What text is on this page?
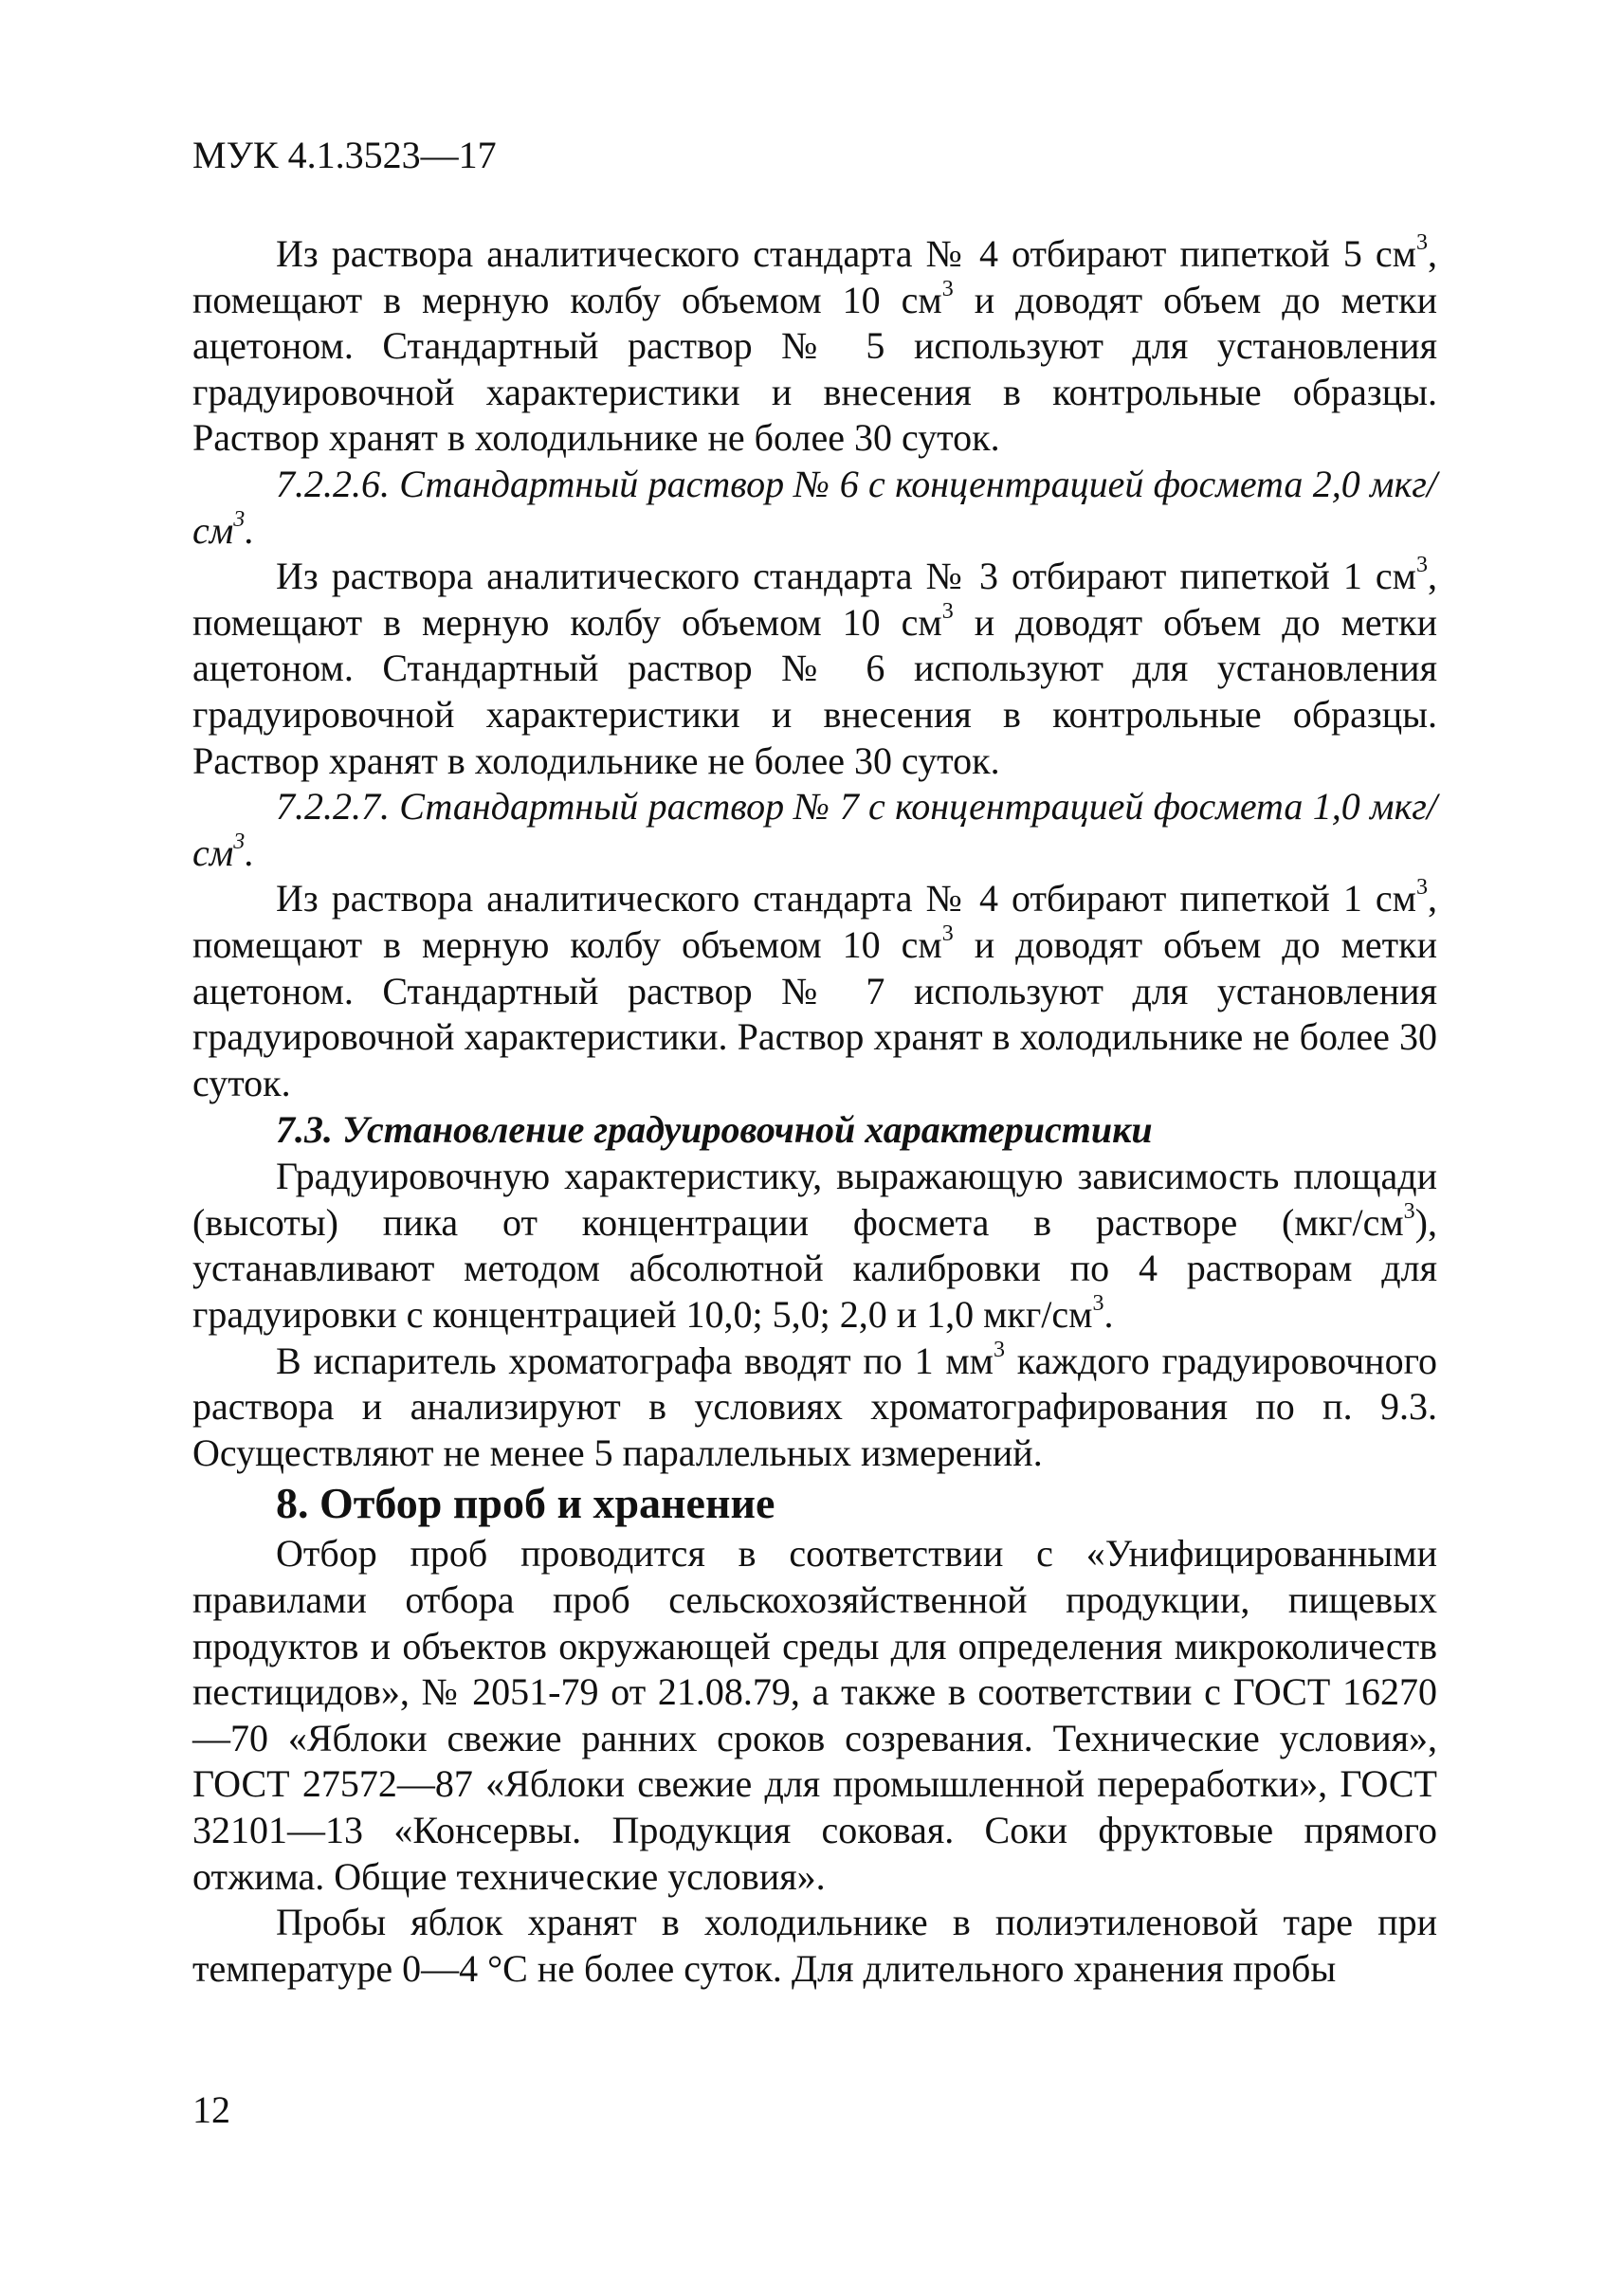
МУК 4.1.3523—17

Из раствора аналитического стандарта № 4 отбирают пипеткой 5 $см^3$, помещают в мерную колбу объемом 10 $см^3$ и доводят объем до метки ацетоном. Стандартный раствор № 5 используют для установления градуировочной характеристики и внесения в контрольные образцы. Раствор хранят в холодильнике не более 30 суток.

7.2.2.6. Стандартный раствор № 6 с концентрацией фосмета 2,0 мкг/$см^3$.

Из раствора аналитического стандарта № 3 отбирают пипеткой 1 $см^3$, помещают в мерную колбу объемом 10 $см^3$ и доводят объем до метки ацетоном. Стандартный раствор № 6 используют для установления градуировочной характеристики и внесения в контрольные образцы. Раствор хранят в холодильнике не более 30 суток.

7.2.2.7. Стандартный раствор № 7 с концентрацией фосмета 1,0 мкг/$см^3$.

Из раствора аналитического стандарта № 4 отбирают пипеткой 1 $см^3$, помещают в мерную колбу объемом 10 $см^3$ и доводят объем до метки ацетоном. Стандартный раствор № 7 используют для установления градуировочной характеристики. Раствор хранят в холодильнике не более 30 суток.

7.3. Установление градуировочной характеристики

Градуировочную характеристику, выражающую зависимость площади (высоты) пика от концентрации фосмета в растворе $(мкг/см^3)$, устанавливают методом абсолютной калибровки по 4 растворам для градуировки с концентрацией 10,0; 5,0; 2,0 и 1,0 мкг/$см^3$.

В испаритель хроматографа вводят по 1 $мм^3$ каждого градуировочного раствора и анализируют в условиях хроматографирования по п. 9.3. Осуществляют не менее 5 параллельных измерений.

8. Отбор проб и хранение

Отбор проб проводится в соответствии с «Унифицированными правилами отбора проб сельскохозяйственной продукции, пищевых продуктов и объектов окружающей среды для определения микроколичеств пестицидов», № 2051-79 от 21.08.79, а также в соответствии с ГОСТ 16270—70 «Яблоки свежие ранних сроков созревания. Технические условия», ГОСТ 27572—87 «Яблоки свежие для промышленной переработки», ГОСТ 32101—13 «Консервы. Продукция соковая. Соки фруктовые прямого отжима. Общие технические условия».

Пробы яблок хранят в холодильнике в полиэтиленовой таре при температуре 0—4 °С не более суток. Для длительного хранения пробы

12
